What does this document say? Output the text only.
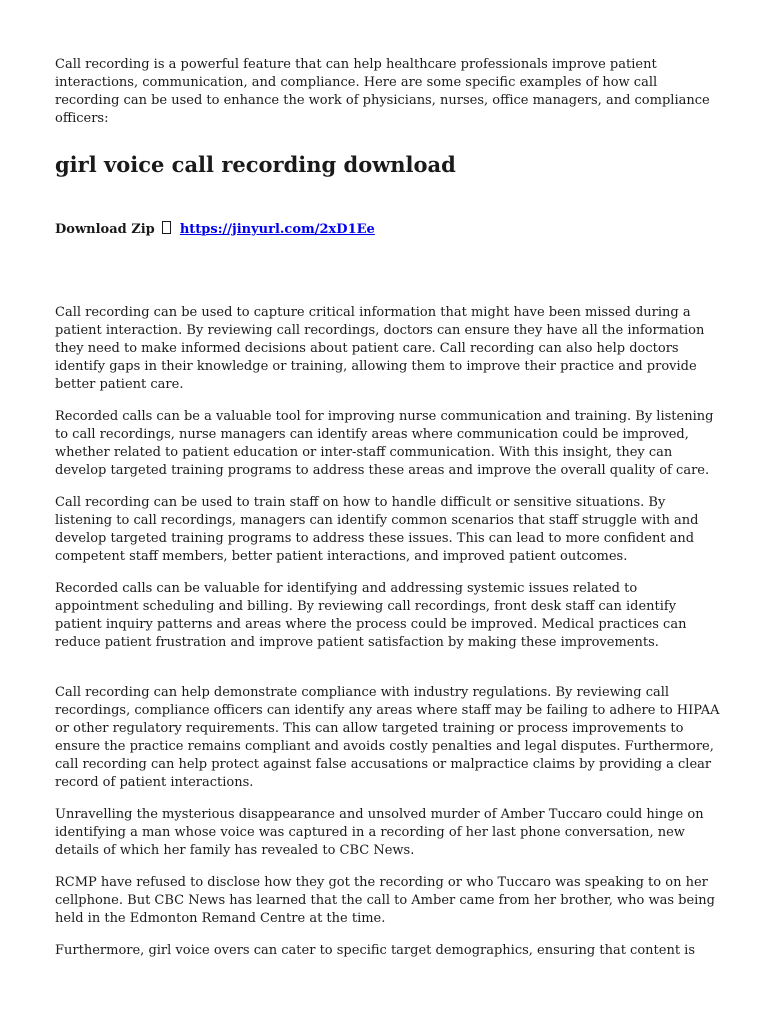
Call recording is a powerful feature that can help healthcare professionals improve patient interactions, communication, and compliance. Here are some specific examples of how call recording can be used to enhance the work of physicians, nurses, office managers, and compliance officers:

girl voice call recording download
Download Zip https://jinyurl.com/2xD1Ee

Call recording can be used to capture critical information that might have been missed during a patient interaction. By reviewing call recordings, doctors can ensure they have all the information they need to make informed decisions about patient care. Call recording can also help doctors identify gaps in their knowledge or training, allowing them to improve their practice and provide better patient care.

Recorded calls can be a valuable tool for improving nurse communication and training. By listening to call recordings, nurse managers can identify areas where communication could be improved, whether related to patient education or inter-staff communication. With this insight, they can develop targeted training programs to address these areas and improve the overall quality of care.

Call recording can be used to train staff on how to handle difficult or sensitive situations. By listening to call recordings, managers can identify common scenarios that staff struggle with and develop targeted training programs to address these issues. This can lead to more confident and competent staff members, better patient interactions, and improved patient outcomes.

Recorded calls can be valuable for identifying and addressing systemic issues related to appointment scheduling and billing. By reviewing call recordings, front desk staff can identify patient inquiry patterns and areas where the process could be improved. Medical practices can reduce patient frustration and improve patient satisfaction by making these improvements.

Call recording can help demonstrate compliance with industry regulations. By reviewing call recordings, compliance officers can identify any areas where staff may be failing to adhere to HIPAA or other regulatory requirements. This can allow targeted training or process improvements to ensure the practice remains compliant and avoids costly penalties and legal disputes. Furthermore, call recording can help protect against false accusations or malpractice claims by providing a clear record of patient interactions.

Unravelling the mysterious disappearance and unsolved murder of Amber Tuccaro could hinge on identifying a man whose voice was captured in a recording of her last phone conversation, new details of which her family has revealed to CBC News.

RCMP have refused to disclose how they got the recording or who Tuccaro was speaking to on her cellphone. But CBC News has learned that the call to Amber came from her brother, who was being held in the Edmonton Remand Centre at the time.

Furthermore, girl voice overs can cater to specific target demographics, ensuring that content is
